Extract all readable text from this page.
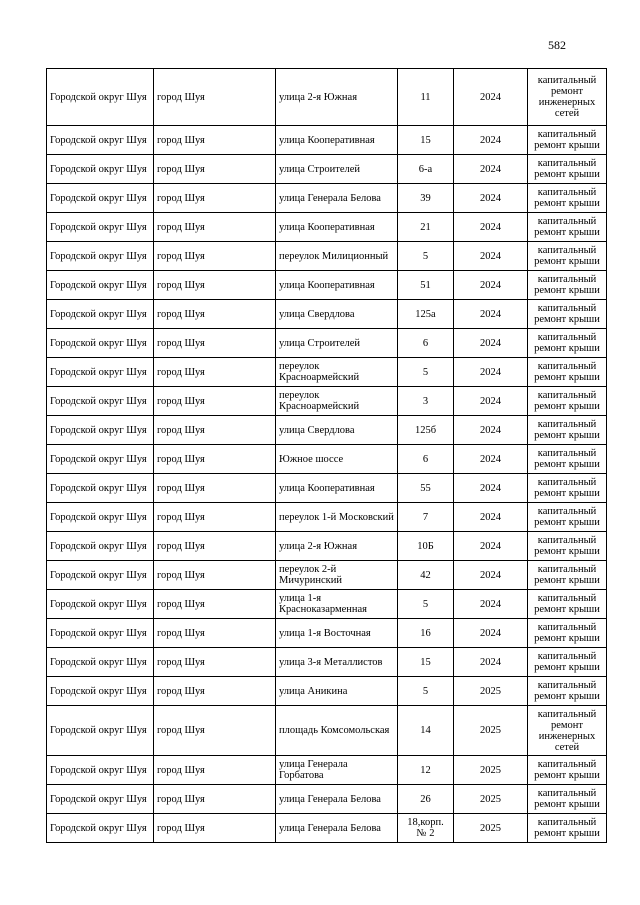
582
Городской округ Шуя	город Шуя	улица 2-я Южная	11	2024	капитальный ремонт инженерных сетей
Городской округ Шуя	город Шуя	улица Кооперативная	15	2024	капитальный ремонт крыши
Городской округ Шуя	город Шуя	улица Строителей	6-а	2024	капитальный ремонт крыши
Городской округ Шуя	город Шуя	улица Генерала Белова	39	2024	капитальный ремонт крыши
Городской округ Шуя	город Шуя	улица Кооперативная	21	2024	капитальный ремонт крыши
Городской округ Шуя	город Шуя	переулок Милиционный	5	2024	капитальный ремонт крыши
Городской округ Шуя	город Шуя	улица Кооперативная	51	2024	капитальный ремонт крыши
Городской округ Шуя	город Шуя	улица Свердлова	125а	2024	капитальный ремонт крыши
Городской округ Шуя	город Шуя	улица Строителей	6	2024	капитальный ремонт крыши
Городской округ Шуя	город Шуя	переулок Красноармейский	5	2024	капитальный ремонт крыши
Городской округ Шуя	город Шуя	переулок Красноармейский	3	2024	капитальный ремонт крыши
Городской округ Шуя	город Шуя	улица Свердлова	125б	2024	капитальный ремонт крыши
Городской округ Шуя	город Шуя	Южное шоссе	6	2024	капитальный ремонт крыши
Городской округ Шуя	город Шуя	улица Кооперативная	55	2024	капитальный ремонт крыши
Городской округ Шуя	город Шуя	переулок 1-й Московский	7	2024	капитальный ремонт крыши
Городской округ Шуя	город Шуя	улица 2-я Южная	10Б	2024	капитальный ремонт крыши
Городской округ Шуя	город Шуя	переулок 2-й Мичуринский	42	2024	капитальный ремонт крыши
Городской округ Шуя	город Шуя	улица 1-я Красноказарменная	5	2024	капитальный ремонт крыши
Городской округ Шуя	город Шуя	улица 1-я Восточная	16	2024	капитальный ремонт крыши
Городской округ Шуя	город Шуя	улица 3-я Металлистов	15	2024	капитальный ремонт крыши
Городской округ Шуя	город Шуя	улица Аникина	5	2025	капитальный ремонт крыши
Городской округ Шуя	город Шуя	площадь Комсомольская	14	2025	капитальный ремонт инженерных сетей
Городской округ Шуя	город Шуя	улица Генерала Горбатова	12	2025	капитальный ремонт крыши
Городской округ Шуя	город Шуя	улица Генерала Белова	26	2025	капитальный ремонт крыши
Городской округ Шуя	город Шуя	улица Генерала Белова	18,корп. № 2	2025	капитальный ремонт крыши
